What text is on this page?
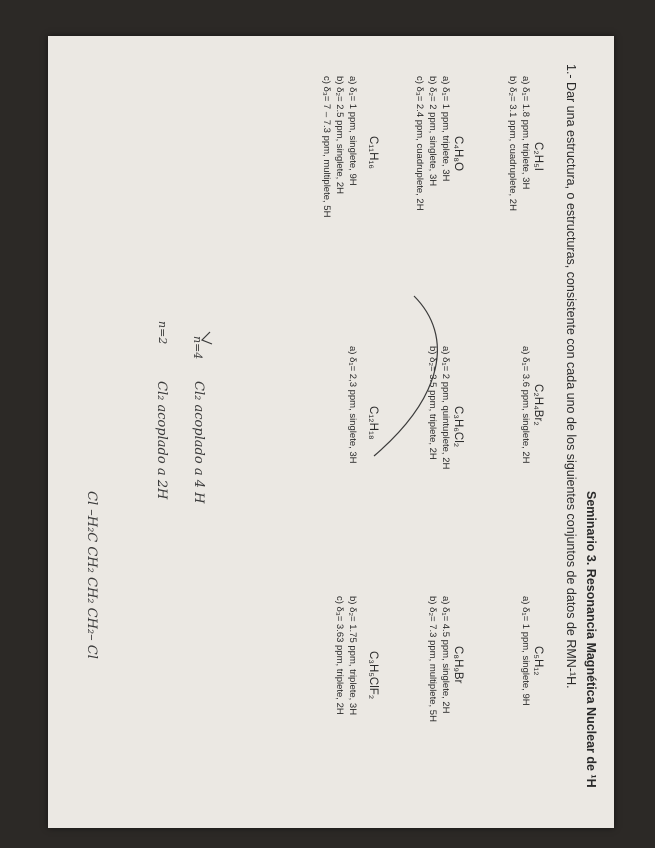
Seminario 3. Resonancia Magnética Nuclear de ¹H
1.- Dar una estructura, o estructuras, consistente con cada uno de los siguientes conjuntos de datos de RMN-¹H.
C₂H₅I
a) δ₁= 1.8 ppm, triplete, 3H
b) δ₂= 3.1 ppm, cuadruplete, 2H
C₂H₄Br₂
a) δ₁= 3.6 ppm, singlete, 2H
C₅H₁₂
a) δ₁= 1 ppm, singlete, 9H
C₄H₈O
a) δ₁= 1 ppm, triplete, 3H
b) δ₂= 2 ppm, singlete, 3H
c) δ₃= 2.4 ppm, cuadruplete, 2H
C₃H₆Cl₂
a) δ₁= 2 ppm, quintuplete, 2H
b) δ₂= 3.5 ppm, triplete, 2H
C₈H₉Br
a) δ₁= 4.5 ppm, singlete, 2H
b) δ₂= 7.3 ppm, multiplete, 5H
C₁₁H₁₆
a) δ₁= 1 ppm, singlete, 9H
b) δ₂= 2.5 ppm, singlete, 2H
c) δ₃= 7 – 7.3 ppm, multiplete, 5H
C₁₂H₁₈
a) δ₁= 2,3 ppm, singlete, 3H
C₃H₅ClF₂
b) δ₂= 1.75 ppm, triplete, 3H
c) δ₃= 3.63 ppm, triplete, 2H
n=4
Cl₂ acoplado a 4 H
n=2
Cl₂ acoplado a 2H
Cl –H₂C CH₂ CH₂ CH₂– Cl
